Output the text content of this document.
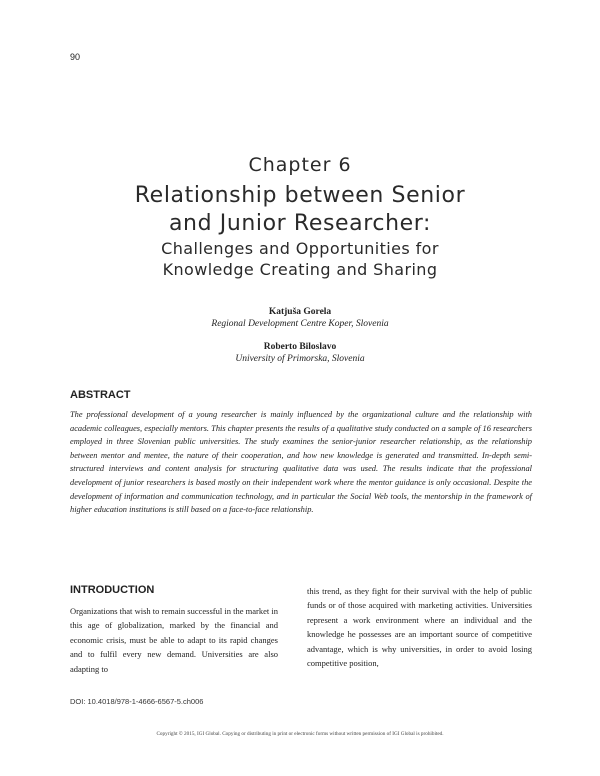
90
Chapter 6
Relationship between Senior
and Junior Researcher:
Challenges and Opportunities for
Knowledge Creating and Sharing
Katjuša Gorela
Regional Development Centre Koper, Slovenia
Roberto Biloslavo
University of Primorska, Slovenia
ABSTRACT

The professional development of a young researcher is mainly influenced by the organizational culture and the relationship with academic colleagues, especially mentors. This chapter presents the results of a qualitative study conducted on a sample of 16 researchers employed in three Slovenian public universities. The study examines the senior-junior researcher relationship, as the relationship between mentor and mentee, the nature of their cooperation, and how new knowledge is generated and transmitted. In-depth semi-structured interviews and content analysis for structuring qualitative data was used. The results indicate that the professional development of junior researchers is based mostly on their independent work where the mentor guidance is only occasional. Despite the development of information and communication technology, and in particular the Social Web tools, the mentorship in the framework of higher education institutions is still based on a face-to-face relationship.

INTRODUCTION

Organizations that wish to remain successful in the market in this age of globalization, marked by the financial and economic crisis, must be able to adapt to its rapid changes and to fulfil every new demand. Universities are also adapting to

this trend, as they fight for their survival with the help of public funds or of those acquired with marketing activities. Universities represent a work environment where an individual and the knowledge he possesses are an important source of competitive advantage, which is why universities, in order to avoid losing competitive position,

DOI: 10.4018/978-1-4666-6567-5.ch006
Copyright © 2015, IGI Global. Copying or distributing in print or electronic forms without written permission of IGI Global is prohibited.
